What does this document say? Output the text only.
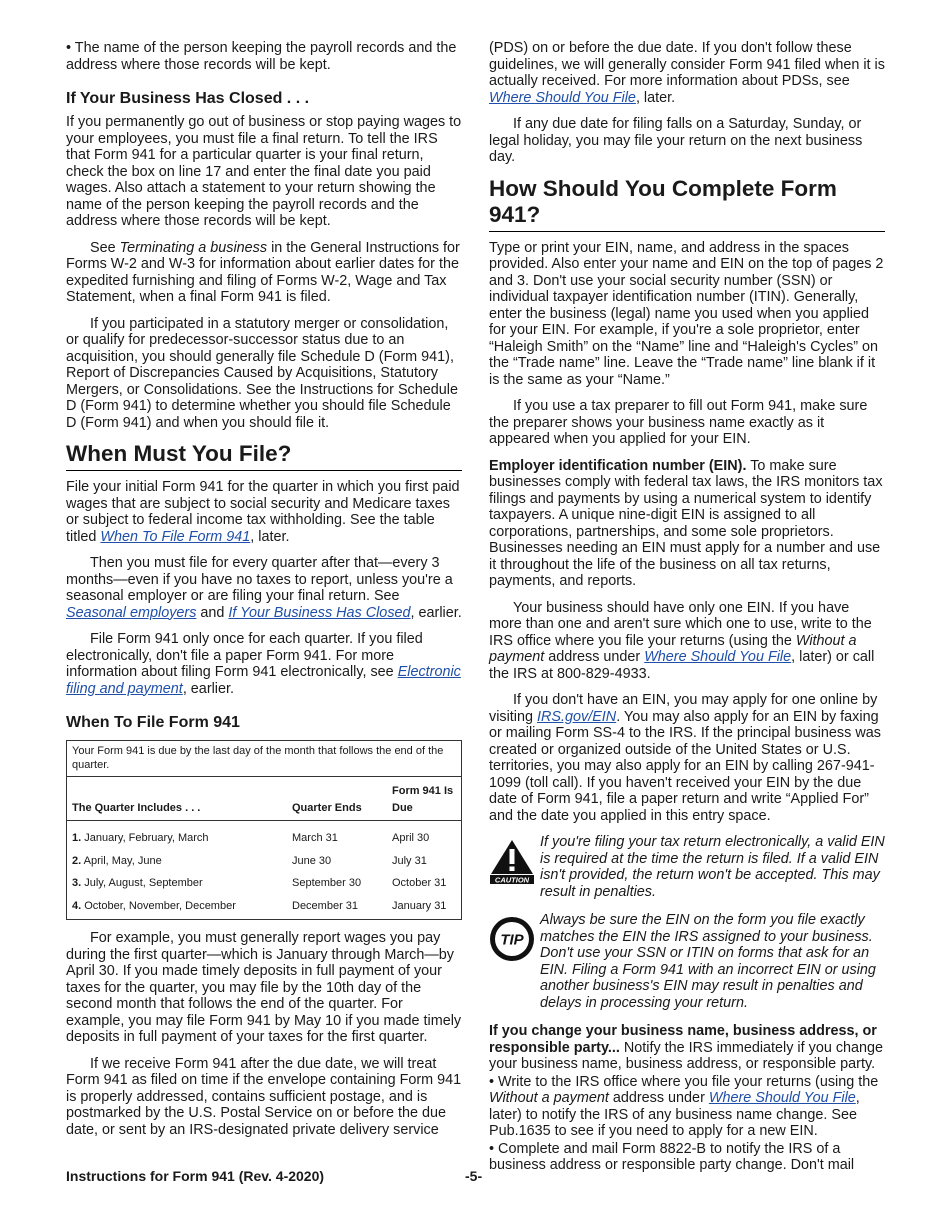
• The name of the person keeping the payroll records and the address where those records will be kept.

If Your Business Has Closed . . .

If you permanently go out of business or stop paying wages to your employees, you must file a final return. To tell the IRS that Form 941 for a particular quarter is your final return, check the box on line 17 and enter the final date you paid wages. Also attach a statement to your return showing the name of the person keeping the payroll records and the address where those records will be kept.

See Terminating a business in the General Instructions for Forms W-2 and W-3 for information about earlier dates for the expedited furnishing and filing of Forms W-2, Wage and Tax Statement, when a final Form 941 is filed.

If you participated in a statutory merger or consolidation, or qualify for predecessor-successor status due to an acquisition, you should generally file Schedule D (Form 941), Report of Discrepancies Caused by Acquisitions, Statutory Mergers, or Consolidations. See the Instructions for Schedule D (Form 941) to determine whether you should file Schedule D (Form 941) and when you should file it.

When Must You File?

File your initial Form 941 for the quarter in which you first paid wages that are subject to social security and Medicare taxes or subject to federal income tax withholding. See the table titled When To File Form 941, later.

Then you must file for every quarter after that—every 3 months—even if you have no taxes to report, unless you're a seasonal employer or are filing your final return. See Seasonal employers and If Your Business Has Closed, earlier.

File Form 941 only once for each quarter. If you filed electronically, don't file a paper Form 941. For more information about filing Form 941 electronically, see Electronic filing and payment, earlier.

When To File Form 941
Your Form 941 is due by the last day of the month that follows the end of the quarter.		
The Quarter Includes . . .	Quarter Ends	Form 941 Is Due
1. January, February, March	March 31	April 30
2. April, May, June	June 30	July 31
3. July, August, September	September 30	October 31
4. October, November, December	December 31	January 31

For example, you must generally report wages you pay during the first quarter—which is January through March—by April 30. If you made timely deposits in full payment of your taxes for the quarter, you may file by the 10th day of the second month that follows the end of the quarter. For example, you may file Form 941 by May 10 if you made timely deposits in full payment of your taxes for the first quarter.

If we receive Form 941 after the due date, we will treat Form 941 as filed on time if the envelope containing Form 941 is properly addressed, contains sufficient postage, and is postmarked by the U.S. Postal Service on or before the due date, or sent by an IRS-designated private delivery service

(PDS) on or before the due date. If you don't follow these guidelines, we will generally consider Form 941 filed when it is actually received. For more information about PDSs, see Where Should You File, later.

If any due date for filing falls on a Saturday, Sunday, or legal holiday, you may file your return on the next business day.

How Should You Complete Form 941?

Type or print your EIN, name, and address in the spaces provided. Also enter your name and EIN on the top of pages 2 and 3. Don't use your social security number (SSN) or individual taxpayer identification number (ITIN). Generally, enter the business (legal) name you used when you applied for your EIN. For example, if you're a sole proprietor, enter “Haleigh Smith” on the “Name” line and “Haleigh's Cycles” on the “Trade name” line. Leave the “Trade name” line blank if it is the same as your “Name.”

If you use a tax preparer to fill out Form 941, make sure the preparer shows your business name exactly as it appeared when you applied for your EIN.

Employer identification number (EIN). To make sure businesses comply with federal tax laws, the IRS monitors tax filings and payments by using a numerical system to identify taxpayers. A unique nine-digit EIN is assigned to all corporations, partnerships, and some sole proprietors. Businesses needing an EIN must apply for a number and use it throughout the life of the business on all tax returns, payments, and reports.

Your business should have only one EIN. If you have more than one and aren't sure which one to use, write to the IRS office where you file your returns (using the Without a payment address under Where Should You File, later) or call the IRS at 800-829-4933.

If you don't have an EIN, you may apply for one online by visiting IRS.gov/EIN. You may also apply for an EIN by faxing or mailing Form SS-4 to the IRS. If the principal business was created or organized outside of the United States or U.S. territories, you may also apply for an EIN by calling 267-941-1099 (toll call). If you haven't received your EIN by the due date of Form 941, file a paper return and write “Applied For” and the date you applied in this entry space.

CAUTION
If you're filing your tax return electronically, a valid EIN is required at the time the return is filed. If a valid EIN isn't provided, the return won't be accepted. This may result in penalties.
TIP
Always be sure the EIN on the form you file exactly matches the EIN the IRS assigned to your business. Don't use your SSN or ITIN on forms that ask for an EIN. Filing a Form 941 with an incorrect EIN or using another business's EIN may result in penalties and delays in processing your return.

If you change your business name, business address, or responsible party... Notify the IRS immediately if you change your business name, business address, or responsible party.

• Write to the IRS office where you file your returns (using the Without a payment address under Where Should You File, later) to notify the IRS of any business name change. See Pub.1635 to see if you need to apply for a new EIN.

• Complete and mail Form 8822-B to notify the IRS of a business address or responsible party change. Don't mail

Instructions for Form 941 (Rev. 4-2020)	-5-
